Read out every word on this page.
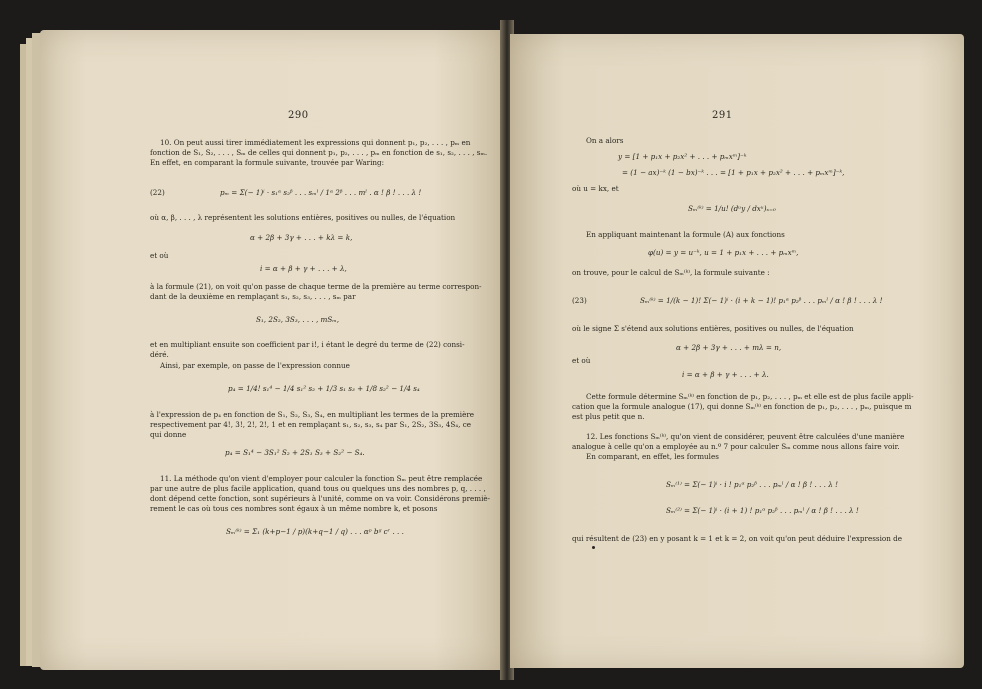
290
10. On peut aussi tirer immédiatement les expressions qui donnent p₁, p₂, . . . , pₘ en
fonction de S₁, S₂, . . . , Sₘ de celles qui donnent p₁, p₂, . . . , pₘ en fonction de s₁, s₂, . . . , sₘ.
En effet, en comparant la formule suivante, trouvée par Waring:
(22)	pₘ = Σ(− 1)ⁱ · s₁ᵅ s₂ᵝ . . . sₘˡ / 1ᵅ 2ᵝ . . . mˡ . α ! β ! . . . λ !
où α, β, . . . , λ représentent les solutions entières, positives ou nulles, de l'équation
α + 2β + 3γ + . . . + kλ = k,
et où
i = α + β + γ + . . . + λ,
à la formule (21), on voit qu'on passe de chaque terme de la première au terme correspon-
dant de la deuxième en remplaçant s₁, s₂, s₃, . . . , sₘ par
S₁, 2S₂, 3S₃, . . . , mSₘ,
et en multipliant ensuite son coefficient par i!, i étant le degré du terme de (22) consi-
déré.
Ainsi, par exemple, on passe de l'expression connue
p₄ = 1/4! s₁⁴ − 1/4 s₁² s₂ + 1/3 s₁ s₃ + 1/8 s₂² − 1/4 s₄
à l'expression de p₄ en fonction de S₁, S₂, S₃, S₄, en multipliant les termes de la première
respectivement par 4!, 3!, 2!, 2!, 1 et en remplaçant s₁, s₂, s₃, s₄ par S₁, 2S₂, 3S₃, 4S₄, ce
qui donne
p₄ = S₁⁴ − 3S₁² S₂ + 2S₁ S₃ + S₂² − S₄.
11. La méthode qu'on vient d'employer pour calculer la fonction Sₘ peut être remplacée
par une autre de plus facile application, quand tous ou quelques uns des nombres p, q, . . . ,
dont dépend cette fonction, sont supérieurs à l'unité, comme on va voir. Considérons premiè-
rement le cas où tous ces nombres sont égaux à un même nombre k, et posons
Sₘ⁽ᵏ⁾ = Σ₁ (k+p−1 / p)(k+q−1 / q) . . . αᵖ bᵍ cʳ . . .
291
On a alors
y = [1 + p₁x + p₂x² + . . . + pₘxᵐ]⁻ᵏ
= (1 − ax)⁻ᵏ (1 − bx)⁻ᵏ . . . = [1 + p₁x + p₂x² + . . . + pₘxᵐ]⁻ᵏ,
où u = kx, et
Sₘ⁽ᵏ⁾ = 1/u! (dᵘy / dxᵘ)ₓ₌₀
En appliquant maintenant la formule (A) aux fonctions
φ(u) = y = u⁻ᵏ, u = 1 + p₁x + . . . + pₘxᵐ,
on trouve, pour le calcul de Sₘ⁽ᵏ⁾, la formule suivante :
(23)	Sₘ⁽ᵏ⁾ = 1/(k − 1)! Σ(− 1)ⁱ · (i + k − 1)! p₁ᵅ p₂ᵝ . . . pₘˡ / α ! β ! . . . λ !
où le signe Σ s'étend aux solutions entières, positives ou nulles, de l'équation
α + 2β + 3γ + . . . + mλ = n,
et où
i = α + β + γ + . . . + λ.
Cette formule détermine Sₘ⁽ᵏ⁾ en fonction de p₁, p₂, . . . , pₘ et elle est de plus facile appli-
cation que la formule analogue (17), qui donne Sₘ⁽ᵏ⁾ en fonction de p₁, p₂, . . . , pₘ, puisque m
est plus petit que n.
12. Les fonctions Sₘ⁽ᵏ⁾, qu'on vient de considérer, peuvent être calculées d'une manière
analogue à celle qu'on a employée au n.º 7 pour calculer Sₘ comme nous allons faire voir.
En comparant, en effet, les formules
Sₘ⁽¹⁾ = Σ(− 1)ⁱ · i ! p₁ᵅ p₂ᵝ . . . pₘˡ / α ! β ! . . . λ !
Sₘ⁽²⁾ = Σ(− 1)ⁱ · (i + 1) ! p₁ᵅ p₂ᵝ . . . pₘˡ / α ! β ! . . . λ !
qui résultent de (23) en y posant k = 1 et k = 2, on voit qu'on peut déduire l'expression de
